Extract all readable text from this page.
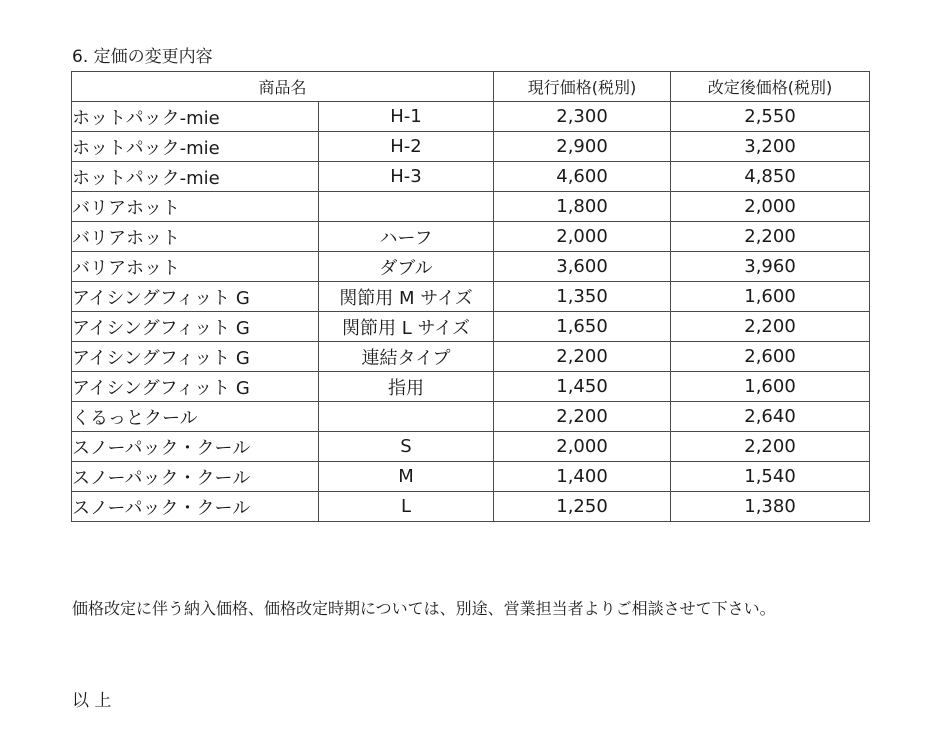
6. 定価の変更内容
商品名		現行価格(税別)	改定後価格(税別)
ホットパック-mie	H-1	2,300	2,550
ホットパック-mie	H-2	2,900	3,200
ホットパック-mie	H-3	4,600	4,850
バリアホット		1,800	2,000
バリアホット	ハーフ	2,000	2,200
バリアホット	ダブル	3,600	3,960
アイシングフィット G	関節用 M サイズ	1,350	1,600
アイシングフィット G	関節用 L サイズ	1,650	2,200
アイシングフィット G	連結タイプ	2,200	2,600
アイシングフィット G	指用	1,450	1,600
くるっとクール		2,200	2,640
スノーパック・クール	S	2,000	2,200
スノーパック・クール	M	1,400	1,540
スノーパック・クール	L	1,250	1,380
価格改定に伴う納入価格、価格改定時期については、別途、営業担当者よりご相談させて下さい。
以 上
